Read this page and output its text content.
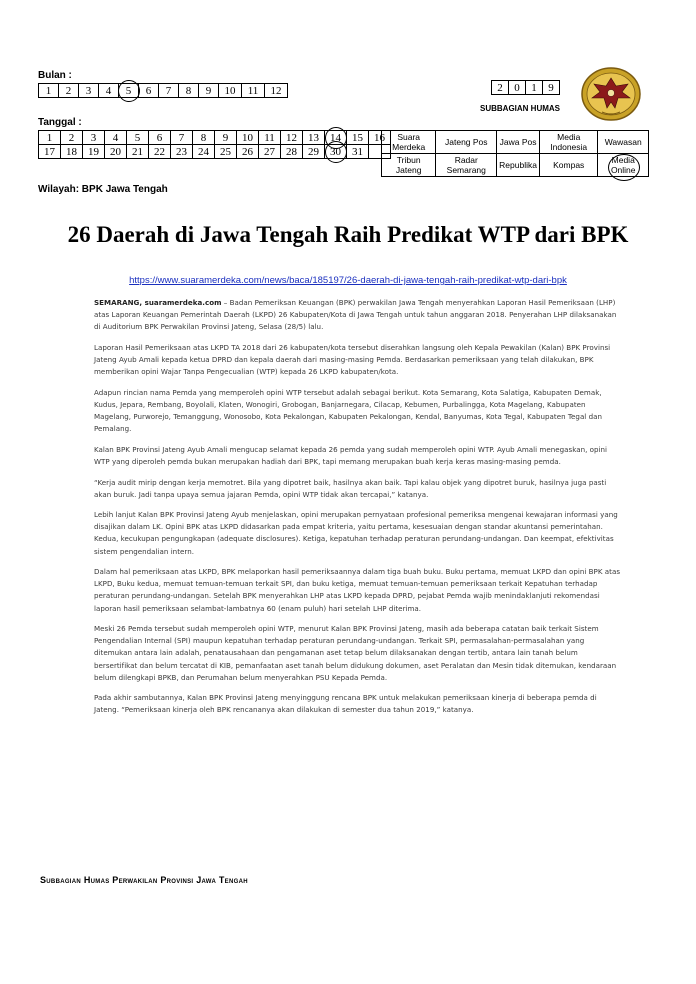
Bulan :
1	2	3	4	5	6	7	8	9	10	11	12
Tanggal :
1	2	3	4	5	6	7	8	9	10	11	12	13	14	15	16
17	18	19	20	21	22	23	24	25	26	27	28	29	30	31	
Wilayah: BPK Jawa Tengah
2	0	1	9
SUBBAGIAN HUMAS
Suara Merdeka	Jateng Pos	Jawa Pos	Media Indonesia	Wawasan
Tribun Jateng	Radar Semarang	Republika	Kompas	Media Online
26 Daerah di Jawa Tengah Raih Predikat WTP dari BPK
https://www.suaramerdeka.com/news/baca/185197/26-daerah-di-jawa-tengah-raih-predikat-wtp-dari-bpk

SEMARANG, suaramerdeka.com – Badan Pemeriksan Keuangan (BPK) perwakilan Jawa Tengah menyerahkan Laporan Hasil Pemeriksaan (LHP) atas Laporan Keuangan Pemerintah Daerah (LKPD) 26 Kabupaten/Kota di Jawa Tengah untuk tahun anggaran 2018. Penyerahan LHP dilaksanakan di Auditorium BPK Perwakilan Provinsi Jateng, Selasa (28/5) lalu.

Laporan Hasil Pemeriksaan atas LKPD TA 2018 dari 26 kabupaten/kota tersebut diserahkan langsung oleh Kepala Pewakilan (Kalan) BPK Provinsi Jateng Ayub Amali kepada ketua DPRD dan kepala daerah dari masing-masing Pemda. Berdasarkan pemeriksaan yang telah dilakukan, BPK memberikan opini Wajar Tanpa Pengecualian (WTP) kepada 26 LKPD kabupaten/kota.

Adapun rincian nama Pemda yang memperoleh opini WTP tersebut adalah sebagai berikut. Kota Semarang, Kota Salatiga, Kabupaten Demak, Kudus, Jepara, Rembang, Boyolali, Klaten, Wonogiri, Grobogan, Banjarnegara, Cilacap, Kebumen, Purbalingga, Kota Magelang, Kabupaten Magelang, Purworejo, Temanggung, Wonosobo, Kota Pekalongan, Kabupaten Pekalongan, Kendal, Banyumas, Kota Tegal, Kabupaten Tegal dan Pemalang.

Kalan BPK Provinsi Jateng Ayub Amali mengucap selamat kepada 26 pemda yang sudah memperoleh opini WTP. Ayub Amali menegaskan, opini WTP yang diperoleh pemda bukan merupakan hadiah dari BPK, tapi memang merupakan buah kerja keras masing-masing pemda.

“Kerja audit mirip dengan kerja memotret. Bila yang dipotret baik, hasilnya akan baik. Tapi kalau objek yang dipotret buruk, hasilnya juga pasti akan buruk. Jadi tanpa upaya semua jajaran Pemda, opini WTP tidak akan tercapai,” katanya.

Lebih lanjut Kalan BPK Provinsi Jateng Ayub menjelaskan, opini merupakan pernyataan profesional pemeriksa mengenai kewajaran informasi yang disajikan dalam LK. Opini BPK atas LKPD didasarkan pada empat kriteria, yaitu pertama, kesesuaian dengan standar akuntansi pemerintahan. Kedua, kecukupan pengungkapan (adequate disclosures). Ketiga, kepatuhan terhadap peraturan perundang-undangan. Dan keempat, efektivitas sistem pengendalian intern.

Dalam hal pemeriksaan atas LKPD, BPK melaporkan hasil pemeriksaannya dalam tiga buah buku. Buku pertama, memuat LKPD dan opini BPK atas LKPD, Buku kedua, memuat temuan-temuan terkait SPI, dan buku ketiga, memuat temuan-temuan pemeriksaan terkait Kepatuhan terhadap peraturan perundang-undangan. Setelah BPK menyerahkan LHP atas LKPD kepada DPRD, pejabat Pemda wajib menindaklanjuti rekomendasi laporan hasil pemeriksaan selambat-lambatnya 60 (enam puluh) hari setelah LHP diterima.

Meski 26 Pemda tersebut sudah memperoleh opini WTP, menurut Kalan BPK Provinsi Jateng, masih ada beberapa catatan baik terkait Sistem Pengendalian Internal (SPI) maupun kepatuhan terhadap peraturan perundang-undangan. Terkait SPI, permasalahan-permasalahan yang ditemukan antara lain adalah, penatausahaan dan pengamanan aset tetap belum dilaksanakan dengan tertib, antara lain tanah belum bersertifikat dan belum tercatat di KIB, pemanfaatan aset tanah belum didukung dokumen, aset Peralatan dan Mesin tidak ditemukan, kendaraan belum dilengkapi BPKB, dan Perumahan belum menyerahkan PSU Kepada Pemda.

Pada akhir sambutannya, Kalan BPK Provinsi Jateng menyinggung rencana BPK untuk melakukan pemeriksaan kinerja di beberapa pemda di Jateng. “Pemeriksaan kinerja oleh BPK rencananya akan dilakukan di semester dua tahun 2019,” katanya.

Subbagian Humas Perwakilan Provinsi Jawa Tengah
